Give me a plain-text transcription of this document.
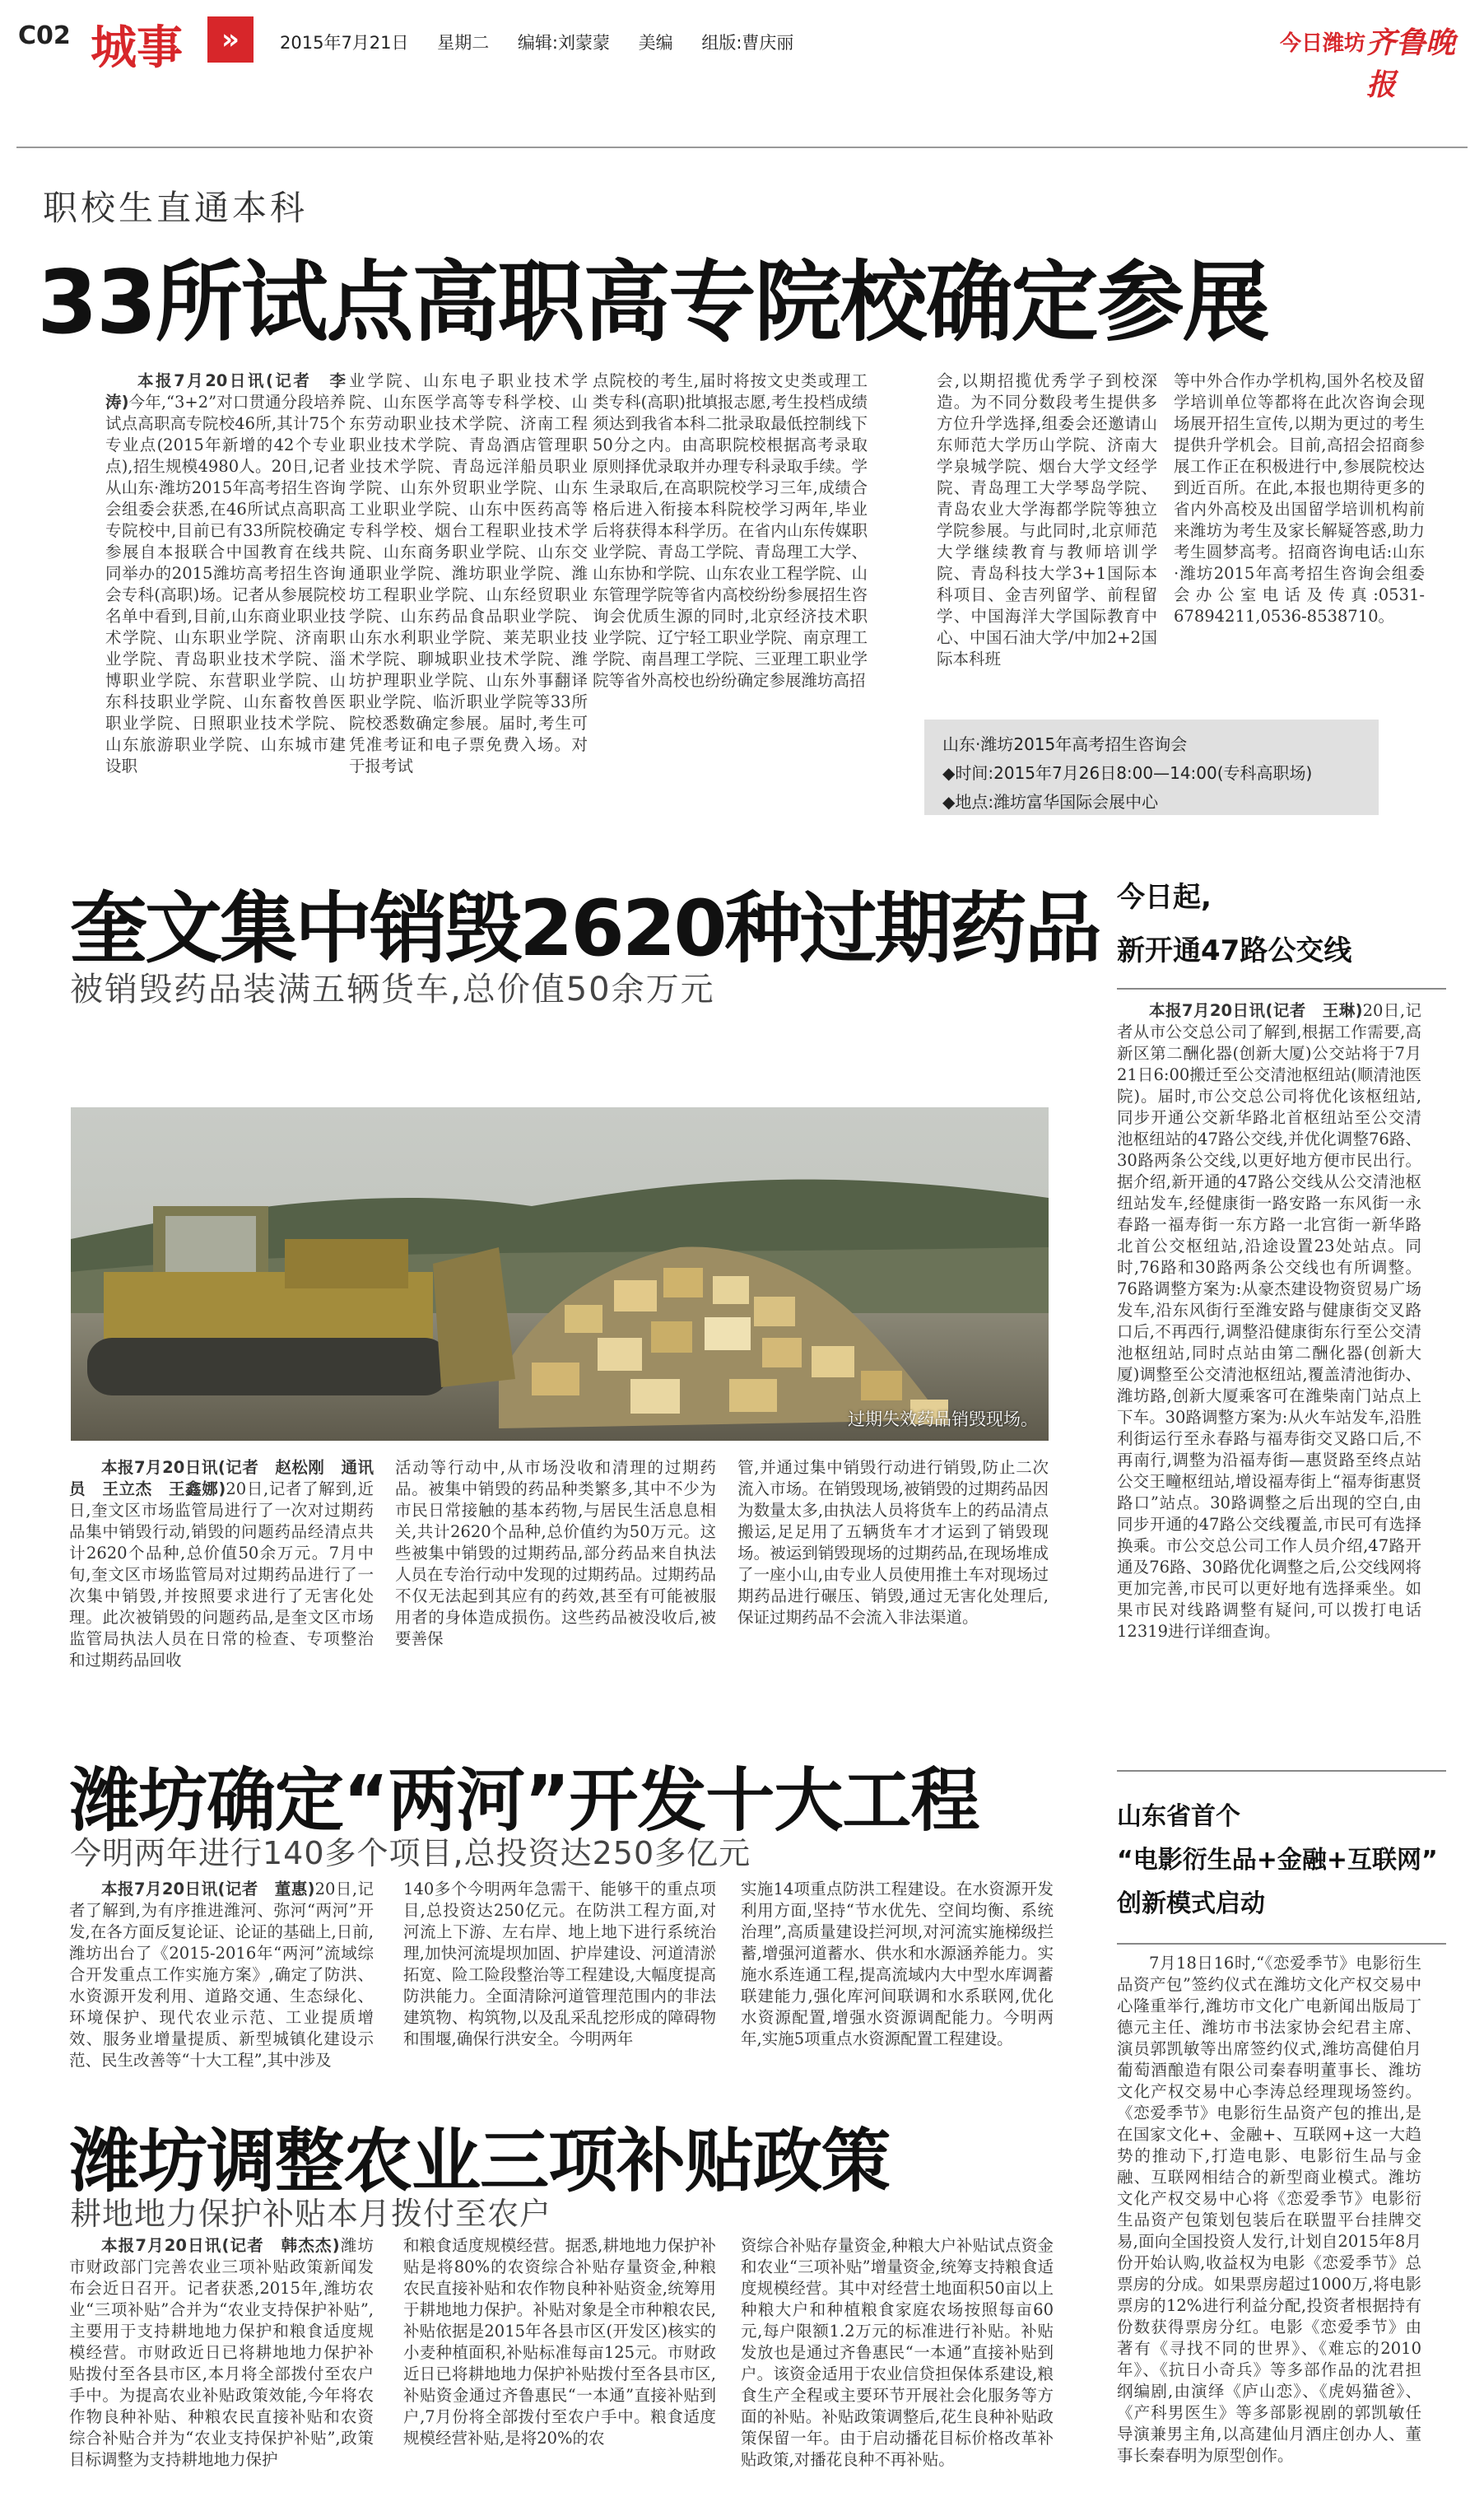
C02 城事	»	2015年7月21日 星期二 编辑:刘蒙蒙 美编 组版:曹庆丽	今日潍坊 齐鲁晚报
职校生直通本科
33所试点高职高专院校确定参展

本报7月20日讯(记者　李涛)今年,“3+2”对口贯通分段培养试点高职高专院校46所,其计75个专业点(2015年新增的42个专业点),招生规模4980人。20日,记者从山东·潍坊2015年高考招生咨询会组委会获悉,在46所试点高职高专院校中,目前已有33所院校确定参展自本报联合中国教育在线共同举办的2015潍坊高考招生咨询会专科(高职)场。记者从参展院校名单中看到,目前,山东商业职业技术学院、山东职业学院、济南职业学院、青岛职业技术学院、淄博职业学院、东营职业学院、山东科技职业学院、山东畜牧兽医职业学院、日照职业技术学院、山东旅游职业学院、山东城市建设职

业学院、山东电子职业技术学院、山东医学高等专科学校、山东劳动职业技术学院、济南工程职业技术学院、青岛酒店管理职业技术学院、青岛远洋船员职业学院、山东外贸职业学院、山东工业职业学院、山东中医药高等专科学校、烟台工程职业技术学院、山东商务职业学院、山东交通职业学院、潍坊职业学院、潍坊工程职业学院、山东经贸职业学院、山东药品食品职业学院、山东水利职业学院、莱芜职业技术学院、聊城职业技术学院、潍坊护理职业学院、山东外事翻译职业学院、临沂职业学院等33所院校悉数确定参展。届时,考生可凭准考证和电子票免费入场。对于报考试

点院校的考生,届时将按文史类或理工类专科(高职)批填报志愿,考生投档成绩须达到我省本科二批录取最低控制线下50分之内。由高职院校根据高考录取原则择优录取并办理专科录取手续。学生录取后,在高职院校学习三年,成绩合格后进入衔接本科院校学习两年,毕业后将获得本科学历。在省内山东传媒职业学院、青岛工学院、青岛理工大学、山东协和学院、山东农业工程学院、山东管理学院等省内高校纷纷参展招生咨询会优质生源的同时,北京经济技术职业学院、辽宁轻工职业学院、南京理工学院、南昌理工学院、三亚理工职业学院等省外高校也纷纷确定参展潍坊高招

会,以期招揽优秀学子到校深造。为不同分数段考生提供多方位升学选择,组委会还邀请山东师范大学历山学院、济南大学泉城学院、烟台大学文经学院、青岛理工大学琴岛学院、青岛农业大学海都学院等独立学院参展。与此同时,北京师范大学继续教育与教师培训学院、青岛科技大学3+1国际本科项目、金吉列留学、前程留学、中国海洋大学国际教育中心、中国石油大学/中加2+2国际本科班

等中外合作办学机构,国外名校及留学培训单位等都将在此次咨询会现场展开招生宣传,以期为更过的考生提供升学机会。目前,高招会招商参展工作正在积极进行中,参展院校达到近百所。在此,本报也期待更多的省内外高校及出国留学培训机构前来潍坊为考生及家长解疑答惑,助力考生圆梦高考。招商咨询电话:山东·潍坊2015年高考招生咨询会组委会办公室电话及传真:0531-67894211,0536-8538710。

山东·潍坊2015年高考招生咨询会
◆时间:2015年7月26日8:00—14:00(专科高职场)
◆地点:潍坊富华国际会展中心
奎文集中销毁2620种过期药品
被销毁药品装满五辆货车,总价值50余万元
过期失效药品销毁现场。

本报7月20日讯(记者　赵松刚　通讯员　王立杰　王鑫娜)20日,记者了解到,近日,奎文区市场监管局进行了一次对过期药品集中销毁行动,销毁的问题药品经清点共计2620个品种,总价值50余万元。7月中旬,奎文区市场监管局对过期药品进行了一次集中销毁,并按照要求进行了无害化处理。此次被销毁的问题药品,是奎文区市场监管局执法人员在日常的检查、专项整治和过期药品回收

活动等行动中,从市场没收和清理的过期药品。被集中销毁的药品种类繁多,其中不少为市民日常接触的基本药物,与居民生活息息相关,共计2620个品种,总价值约为50万元。这些被集中销毁的过期药品,部分药品来自执法人员在专治行动中发现的过期药品。过期药品不仅无法起到其应有的药效,甚至有可能被服用者的身体造成损伤。这些药品被没收后,被要善保

管,并通过集中销毁行动进行销毁,防止二次流入市场。在销毁现场,被销毁的过期药品因为数量太多,由执法人员将货车上的药品清点搬运,足足用了五辆货车才才运到了销毁现场。被运到销毁现场的过期药品,在现场堆成了一座小山,由专业人员使用推土车对现场过期药品进行碾压、销毁,通过无害化处理后,保证过期药品不会流入非法渠道。

今日起,
新开通47路公交线

本报7月20日讯(记者　王琳)20日,记者从市公交总公司了解到,根据工作需要,高新区第二酬化器(创新大厦)公交站将于7月21日6:00搬迁至公交清池枢纽站(顺清池医院)。届时,市公交总公司将优化该枢纽站,同步开通公交新华路北首枢纽站至公交清池枢纽站的47路公交线,并优化调整76路、30路两条公交线,以更好地方便市民出行。据介绍,新开通的47路公交线从公交清池枢纽站发车,经健康街一路安路一东风街一永春路一福寿街一东方路一北宫街一新华路北首公交枢纽站,沿途设置23处站点。同时,76路和30路两条公交线也有所调整。76路调整方案为:从豪杰建设物资贸易广场发车,沿东风街行至潍安路与健康街交叉路口后,不再西行,调整沿健康街东行至公交清池枢纽站,同时点站由第二酬化器(创新大厦)调整至公交清池枢纽站,覆盖清池街办、潍坊路,创新大厦乘客可在潍柴南门站点上下车。30路调整方案为:从火车站发车,沿胜利街运行至永春路与福寿街交叉路口后,不再南行,调整为沿福寿街—惠贤路至终点站公交王疃枢纽站,增设福寿街上“福寿街惠贤路口”站点。30路调整之后出现的空白,由同步开通的47路公交线覆盖,市民可有选择换乘。市公交总公司工作人员介绍,47路开通及76路、30路优化调整之后,公交线网将更加完善,市民可以更好地有选择乘坐。如果市民对线路调整有疑问,可以拨打电话12319进行详细查询。

山东省首个
“电影衍生品+金融+互联网”
创新模式启动

7月18日16时,“《恋爱季节》电影衍生品资产包”签约仪式在潍坊文化产权交易中心隆重举行,潍坊市文化广电新闻出版局丁德元主任、潍坊市书法家协会纪君主席、演员郭凯敏等出席签约仪式,潍坊高健伯月葡萄酒酿造有限公司秦春明董事长、潍坊文化产权交易中心李涛总经理现场签约。《恋爱季节》电影衍生品资产包的推出,是在国家文化+、金融+、互联网+这一大趋势的推动下,打造电影、电影衍生品与金融、互联网相结合的新型商业模式。潍坊文化产权交易中心将《恋爱季节》电影衍生品资产包策划包装后在联盟平台挂牌交易,面向全国投资人发行,计划自2015年8月份开始认购,收益权为电影《恋爱季节》总票房的分成。如果票房超过1000万,将电影票房的12%进行利益分配,投资者根据持有份数获得票房分红。电影《恋爱季节》由著有《寻找不同的世界》、《难忘的2010年》、《抗日小奇兵》等多部作品的沈君担纲编剧,由演绎《庐山恋》、《虎妈猫爸》、《产科男医生》等多部影视剧的郭凯敏任导演兼男主角,以高建仙月酒庄创办人、董事长秦春明为原型创作。

潍坊确定“两河”开发十大工程
今明两年进行140多个项目,总投资达250多亿元

本报7月20日讯(记者　董惠)20日,记者了解到,为有序推进潍河、弥河“两河”开发,在各方面反复论证、论证的基础上,日前,潍坊出台了《2015-2016年“两河”流域综合开发重点工作实施方案》,确定了防洪、水资源开发利用、道路交通、生态绿化、环境保护、现代农业示范、工业提质增效、服务业增量提质、新型城镇化建设示范、民生改善等“十大工程”,其中涉及

140多个今明两年急需干、能够干的重点项目,总投资达250亿元。在防洪工程方面,对河流上下游、左右岸、地上地下进行系统治理,加快河流堤坝加固、护岸建设、河道清淤拓宽、险工险段整治等工程建设,大幅度提高防洪能力。全面清除河道管理范围内的非法建筑物、构筑物,以及乱采乱挖形成的障碍物和围堰,确保行洪安全。今明两年

实施14项重点防洪工程建设。在水资源开发利用方面,坚持“节水优先、空间均衡、系统治理”,高质量建设拦河坝,对河流实施梯级拦蓄,增强河道蓄水、供水和水源涵养能力。实施水系连通工程,提高流域内大中型水库调蓄联建能力,强化库河间联调和水系联网,优化水资源配置,增强水资源调配能力。今明两年,实施5项重点水资源配置工程建设。

潍坊调整农业三项补贴政策
耕地地力保护补贴本月拨付至农户

本报7月20日讯(记者　韩杰杰)潍坊市财政部门完善农业三项补贴政策新闻发布会近日召开。记者获悉,2015年,潍坊农业“三项补贴”合并为“农业支持保护补贴”,主要用于支持耕地地力保护和粮食适度规模经营。市财政近日已将耕地地力保护补贴拨付至各县市区,本月将全部拨付至农户手中。为提高农业补贴政策效能,今年将农作物良种补贴、种粮农民直接补贴和农资综合补贴合并为“农业支持保护补贴”,政策目标调整为支持耕地地力保护

和粮食适度规模经营。据悉,耕地地力保护补贴是将80%的农资综合补贴存量资金,种粮农民直接补贴和农作物良种补贴资金,统筹用于耕地地力保护。补贴对象是全市种粮农民,补贴依据是2015年各县市区(开发区)核实的小麦种植面积,补贴标准每亩125元。市财政近日已将耕地地力保护补贴拨付至各县市区,补贴资金通过齐鲁惠民“一本通”直接补贴到户,7月份将全部拨付至农户手中。粮食适度规模经营补贴,是将20%的农

资综合补贴存量资金,种粮大户补贴试点资金和农业“三项补贴”增量资金,统筹支持粮食适度规模经营。其中对经营土地面积50亩以上种粮大户和种植粮食家庭农场按照每亩60元,每户限额1.2万元的标准进行补贴。补贴发放也是通过齐鲁惠民“一本通”直接补贴到户。该资金适用于农业信贷担保体系建设,粮食生产全程或主要环节开展社会化服务等方面的补贴。补贴政策调整后,花生良种补贴政策保留一年。由于启动播花目标价格改革补贴政策,对播花良种不再补贴。
